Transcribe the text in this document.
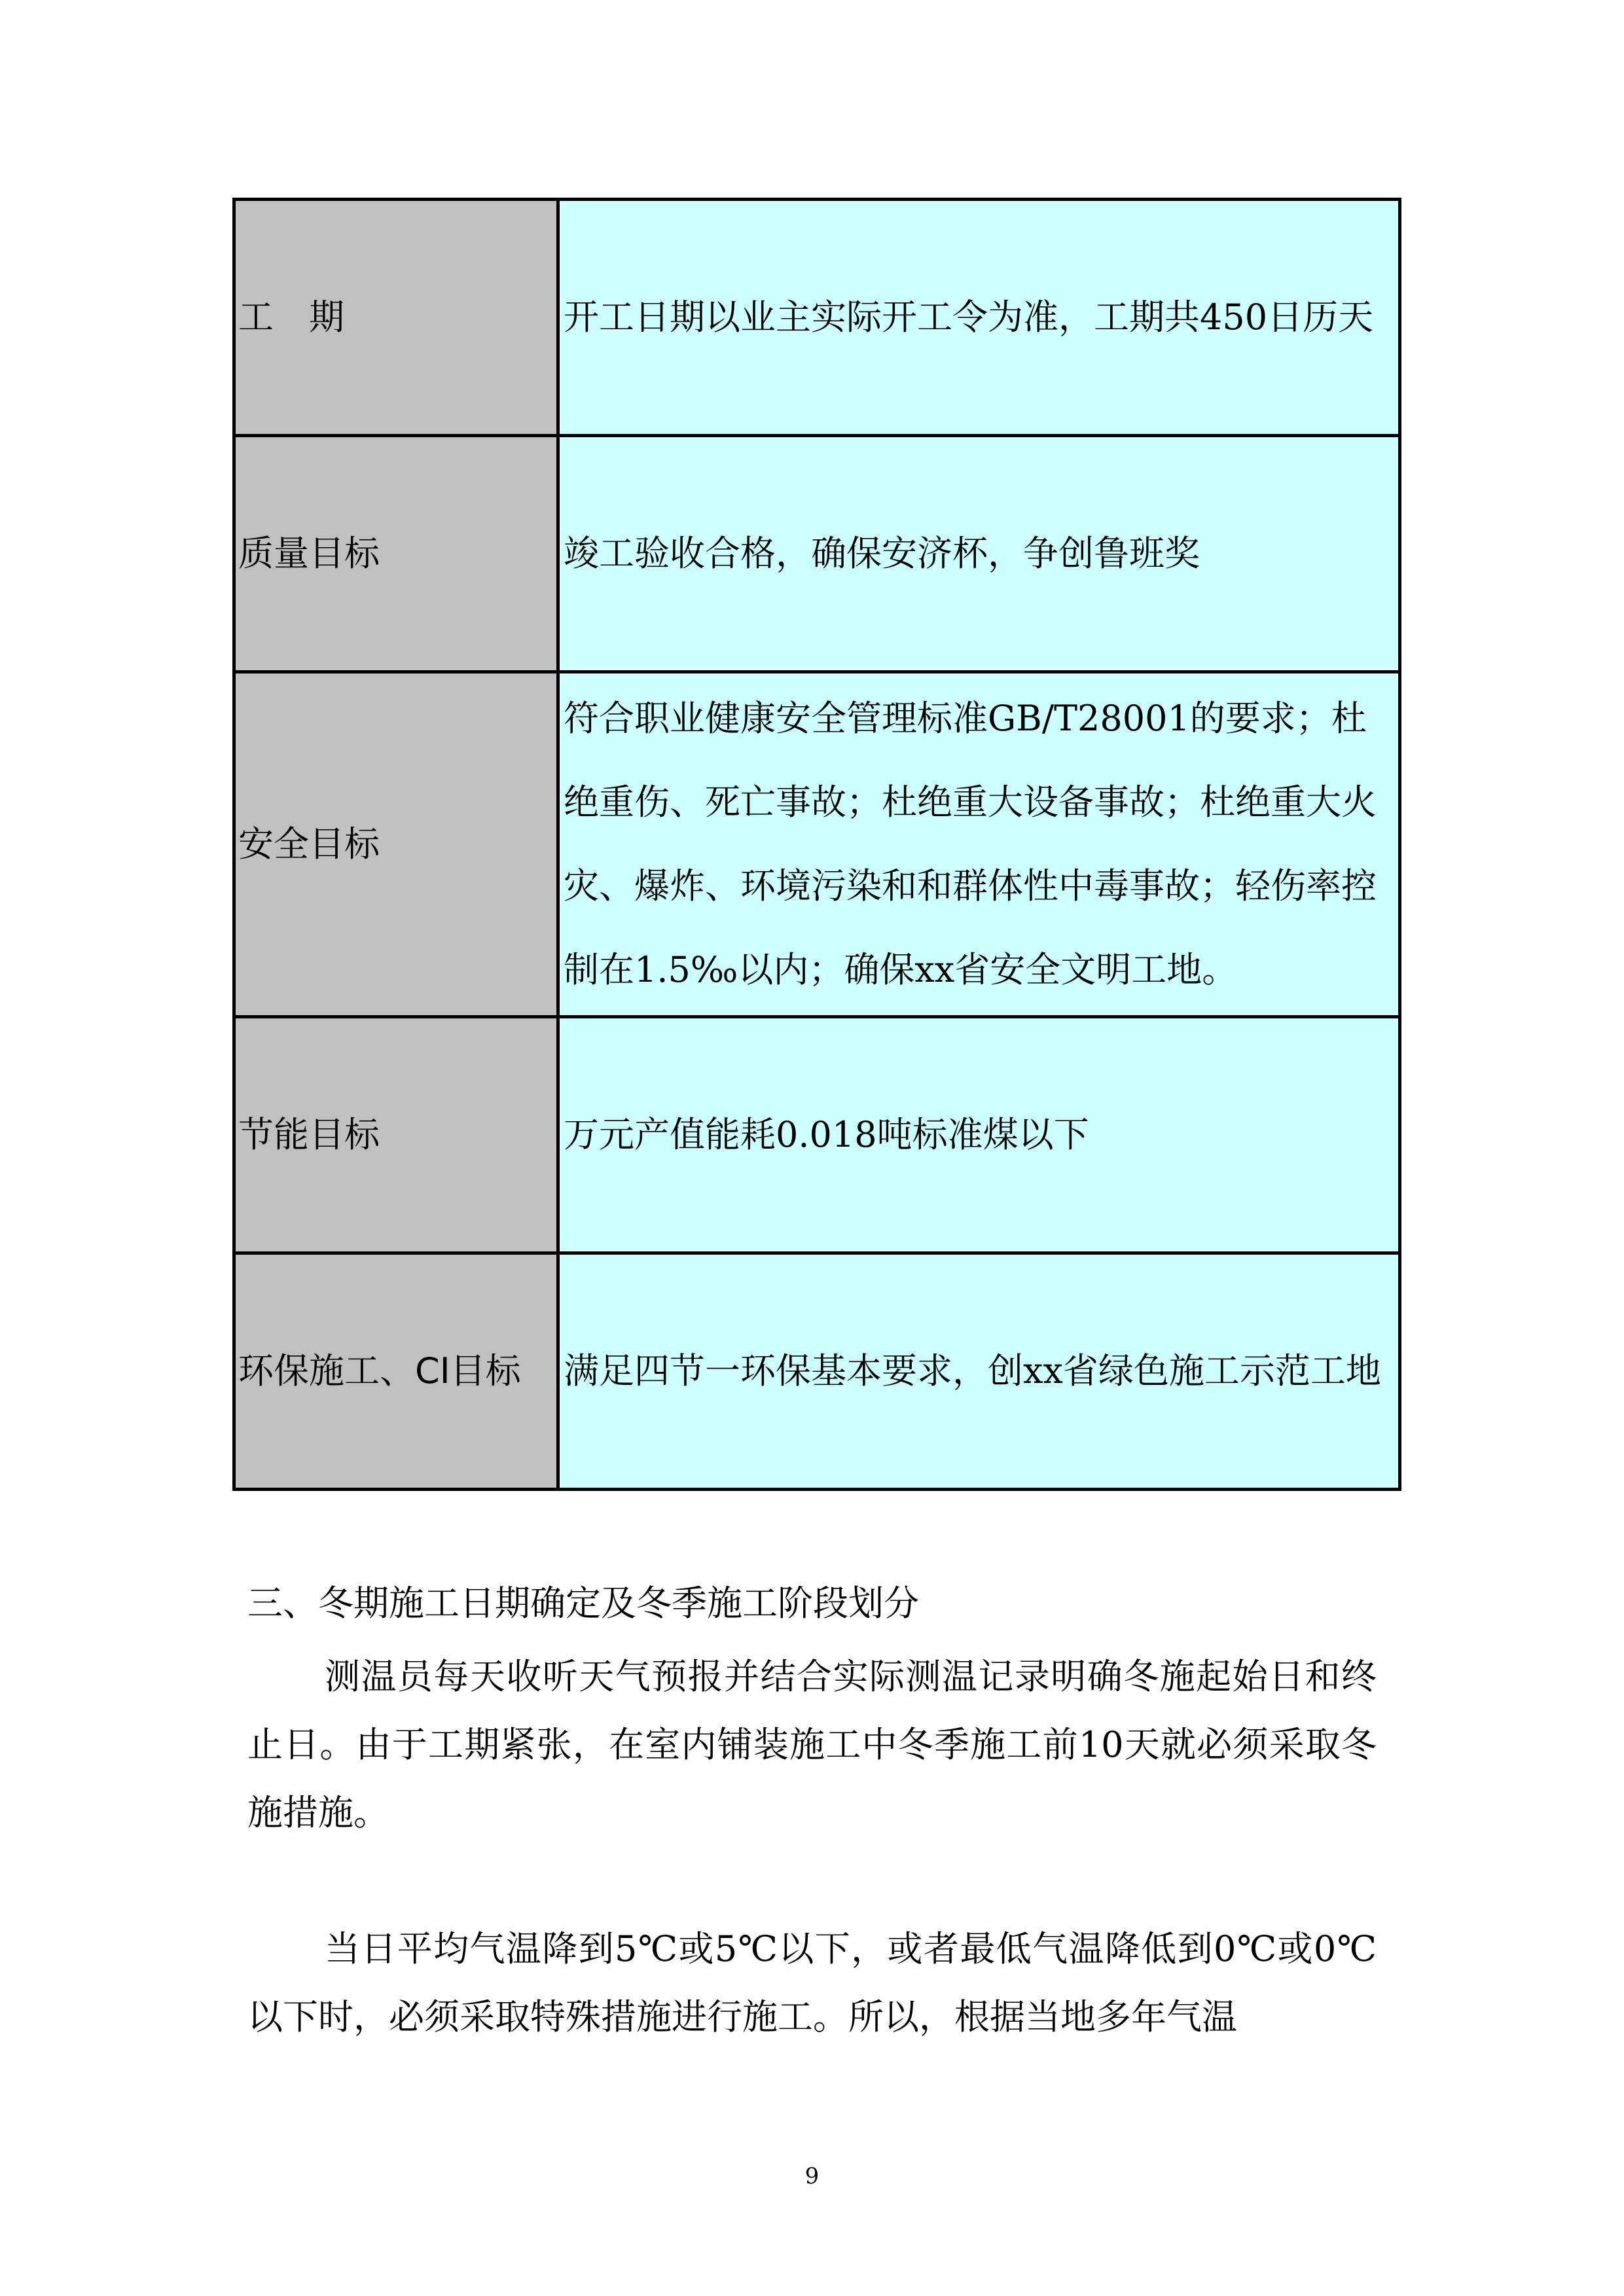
工　期	开工日期以业主实际开工令为准，工期共450日历天

质量目标	竣工验收合格，确保安济杯，争创鲁班奖

安全目标	符合职业健康安全管理标准GB/T28001的要求；杜绝重伤、死亡事故；杜绝重大设备事故；杜绝重大火灾、爆炸、环境污染和和群体性中毒事故；轻伤率控制在1.5‰以内；确保xx省安全文明工地。

节能目标	万元产值能耗0.018吨标准煤以下

环保施工、CI目标	满足四节一环保基本要求，创xx省绿色施工示范工地
三、冬期施工日期确定及冬季施工阶段划分

测温员每天收听天气预报并结合实际测温记录明确冬施起始日和终止日。由于工期紧张，在室内铺装施工中冬季施工前10天就必须采取冬施措施。

当日平均气温降到5℃或5℃以下，或者最低气温降低到0℃或0℃以下时，必须采取特殊措施进行施工。所以，根据当地多年气温

9
